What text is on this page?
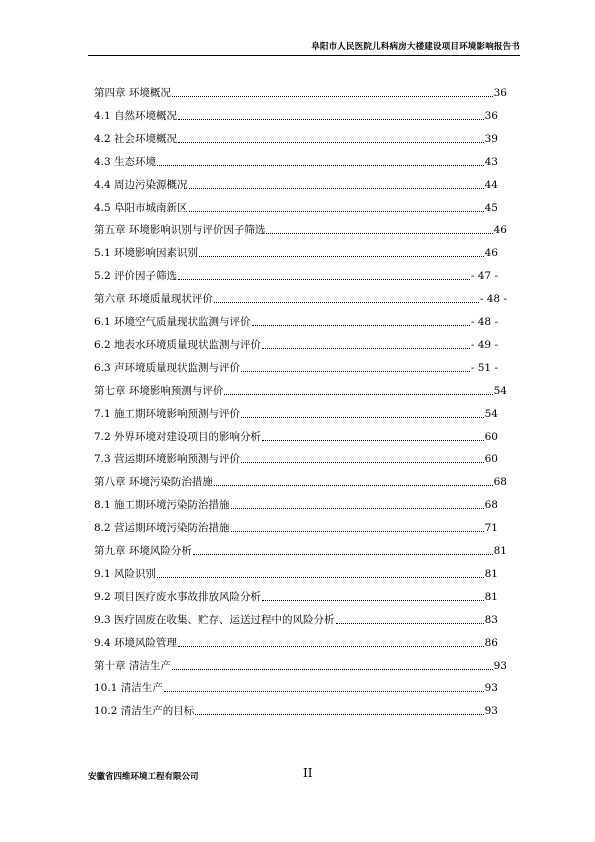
阜阳市人民医院儿科病房大楼建设项目环境影响报告书
第四章 环境概况	36
4.1 自然环境概况	36
4.2 社会环境概况	39
4.3 生态环境	43
4.4 周边污染源概况	44
4.5 阜阳市城南新区	45
第五章 环境影响识别与评价因子筛选	46
5.1 环境影响因素识别	46
5.2 评价因子筛选	- 47 -
第六章 环境质量现状评价	- 48 -
6.1 环境空气质量现状监测与评价	- 48 -
6.2 地表水环境质量现状监测与评价	- 49 -
6.3 声环境质量现状监测与评价	- 51 -
第七章 环境影响预测与评价	54
7.1 施工期环境影响预测与评价	54
7.2 外界环境对建设项目的影响分析	60
7.3 营运期环境影响预测与评价	60
第八章 环境污染防治措施	68
8.1 施工期环境污染防治措施	68
8.2 营运期环境污染防治措施	71
第九章 环境风险分析	81
9.1 风险识别	81
9.2 项目医疗废水事故排放风险分析	81
9.3 医疗固废在收集、贮存、运送过程中的风险分析	83
9.4 环境风险管理	86
第十章 清洁生产	93
10.1 清洁生产	93
10.2 清洁生产的目标	93
安徽省四维环境工程有限公司	II
